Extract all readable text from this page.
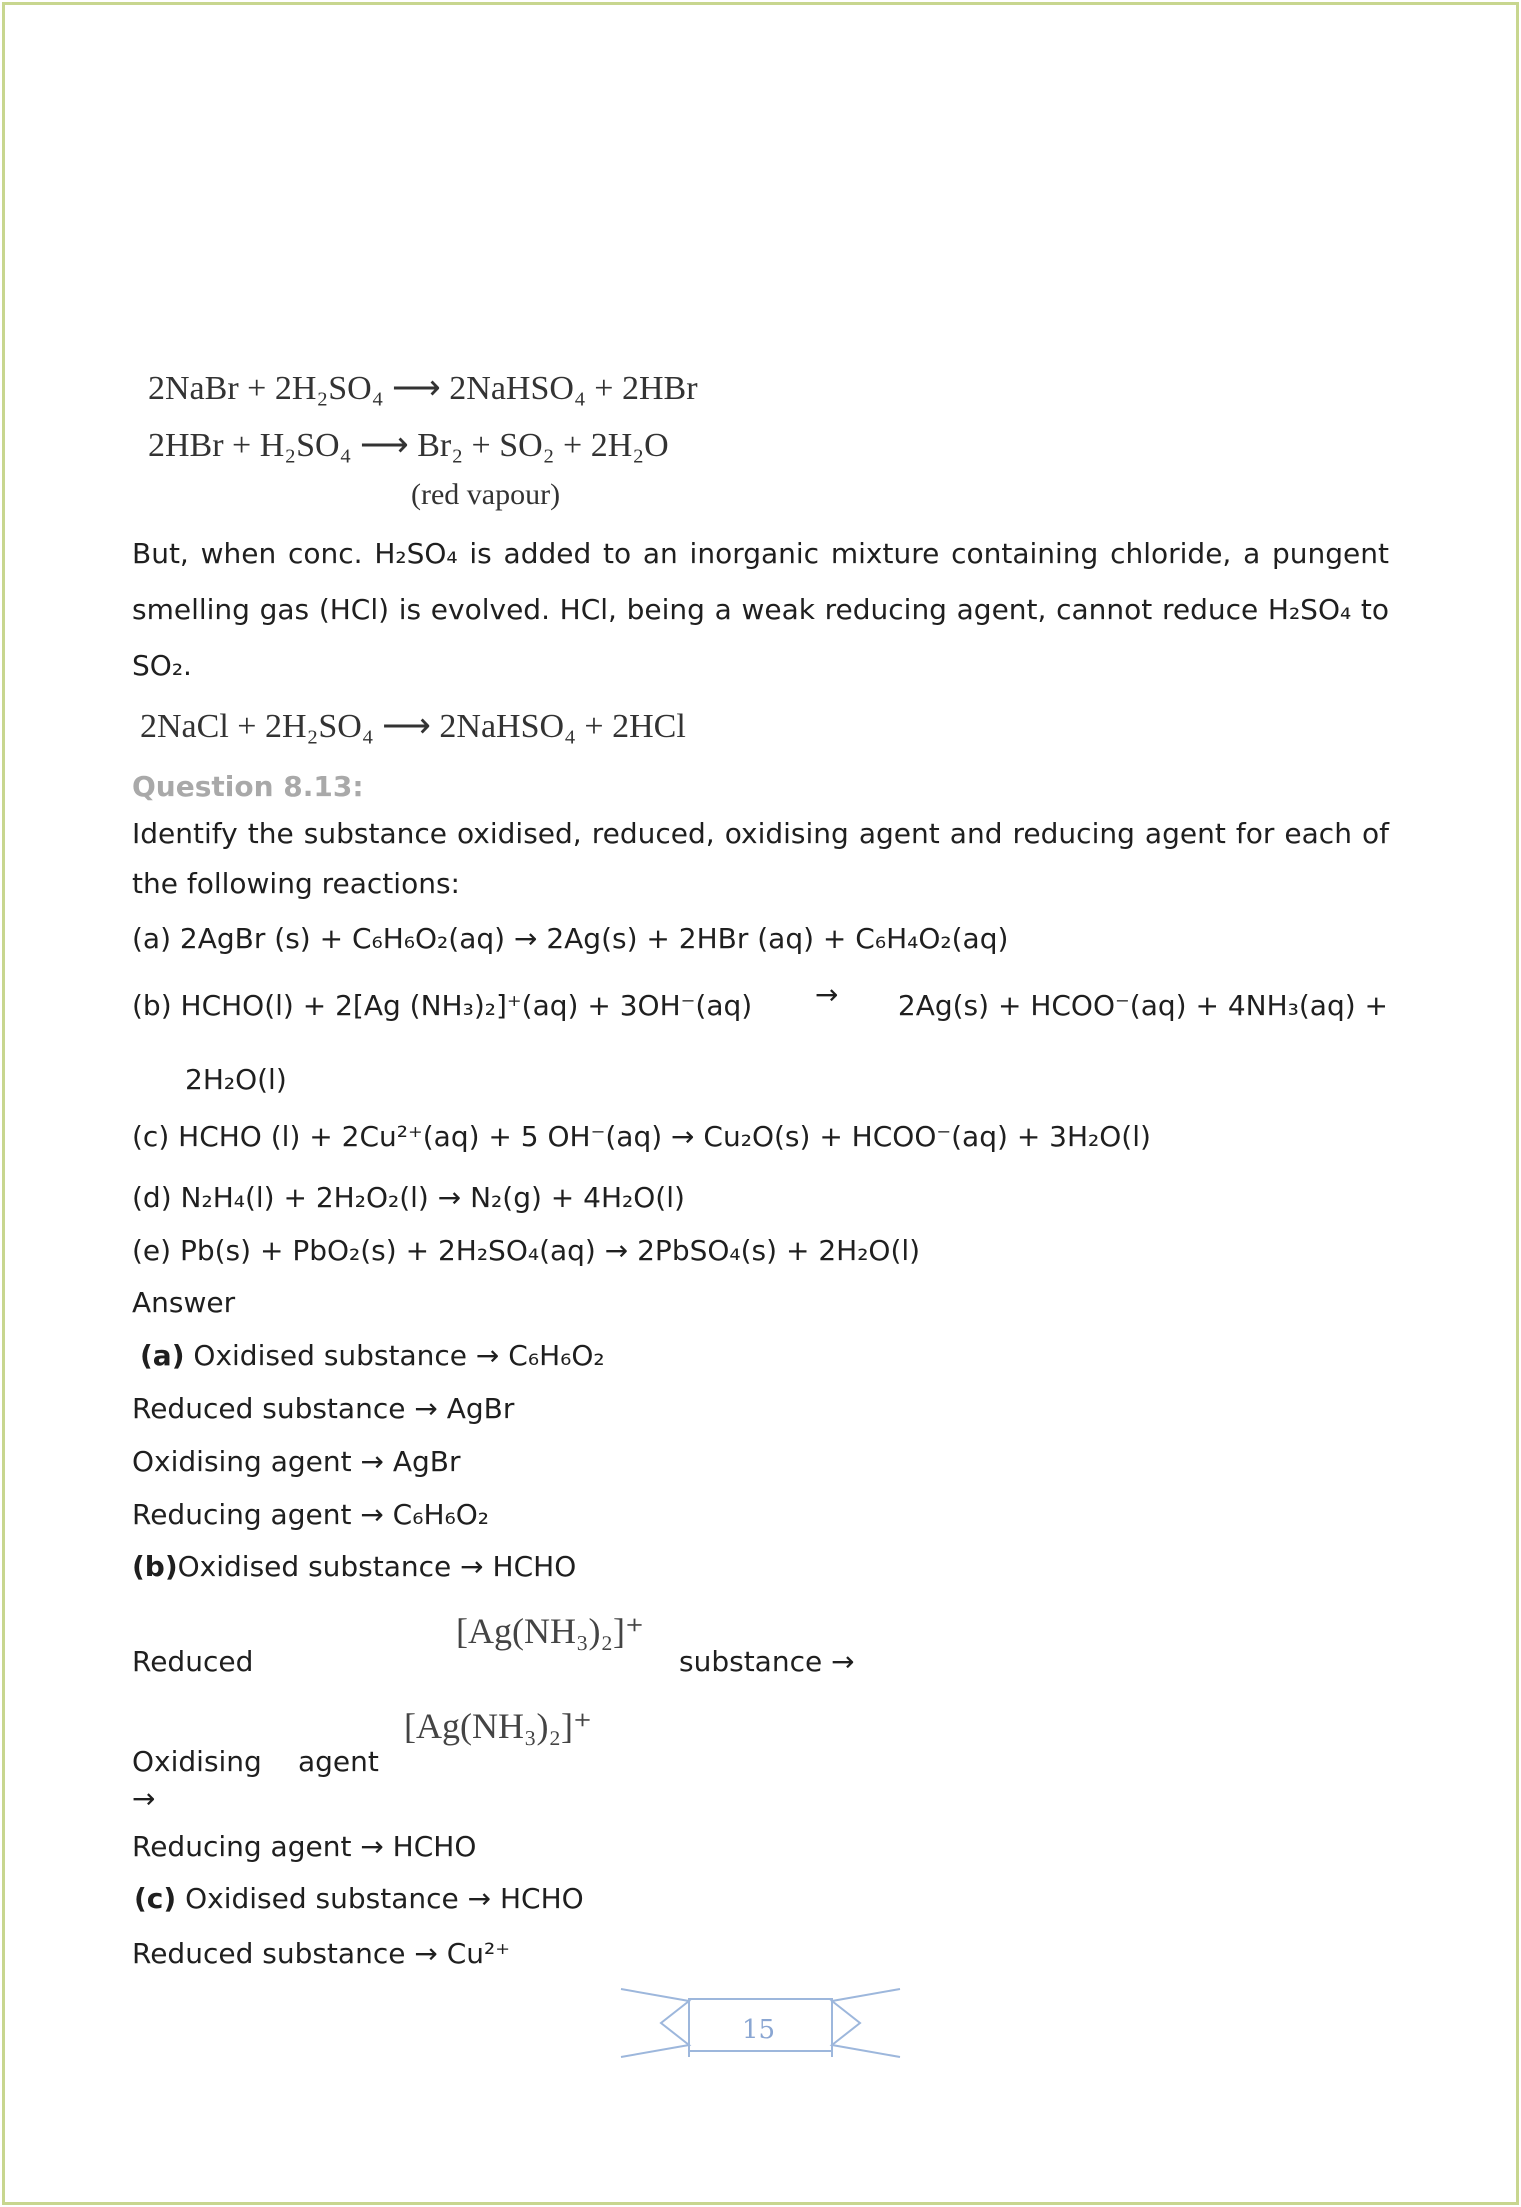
2NaBr + 2H₂SO₄ ⟶ 2NaHSO₄ + 2HBr
2HBr + H₂SO₄ ⟶ Br₂ + SO₂ + 2H₂O
(red vapour)
But, when conc. H₂SO₄ is added to an inorganic mixture containing chloride, a pungent smelling gas (HCl) is evolved. HCl, being a weak reducing agent, cannot reduce H₂SO₄ to SO₂.
2NaCl + 2H₂SO₄ ⟶ 2NaHSO₄ + 2HCl
Question 8.13:
Identify the substance oxidised, reduced, oxidising agent and reducing agent for each of the following reactions:
(a) 2AgBr (s) + C₆H₆O₂(aq) → 2Ag(s) + 2HBr (aq) + C₆H₄O₂(aq)
(b) HCHO(l) + 2[Ag (NH₃)₂]⁺(aq) + 3OH⁻(aq) →	2Ag(s) + HCOO⁻(aq) + 4NH₃(aq) +
2H₂O(l)
(c) HCHO (l) + 2Cu²⁺(aq) + 5 OH⁻(aq) → Cu₂O(s) + HCOO⁻(aq) + 3H₂O(l)
(d) N₂H₄(l) + 2H₂O₂(l) → N₂(g) + 4H₂O(l)
(e) Pb(s) + PbO₂(s) + 2H₂SO₄(aq) → 2PbSO₄(s) + 2H₂O(l)
Answer
(a) Oxidised substance → C₆H₆O₂
Reduced substance → AgBr
Oxidising agent → AgBr
Reducing agent → C₆H₆O₂
(b)Oxidised substance → HCHO
Reduced
[Ag(NH₃)₂]⁺
substance →
Oxidising agent
[Ag(NH₃)₂]⁺
→
Reducing agent → HCHO
(c) Oxidised substance → HCHO
Reduced substance → Cu²⁺
15
